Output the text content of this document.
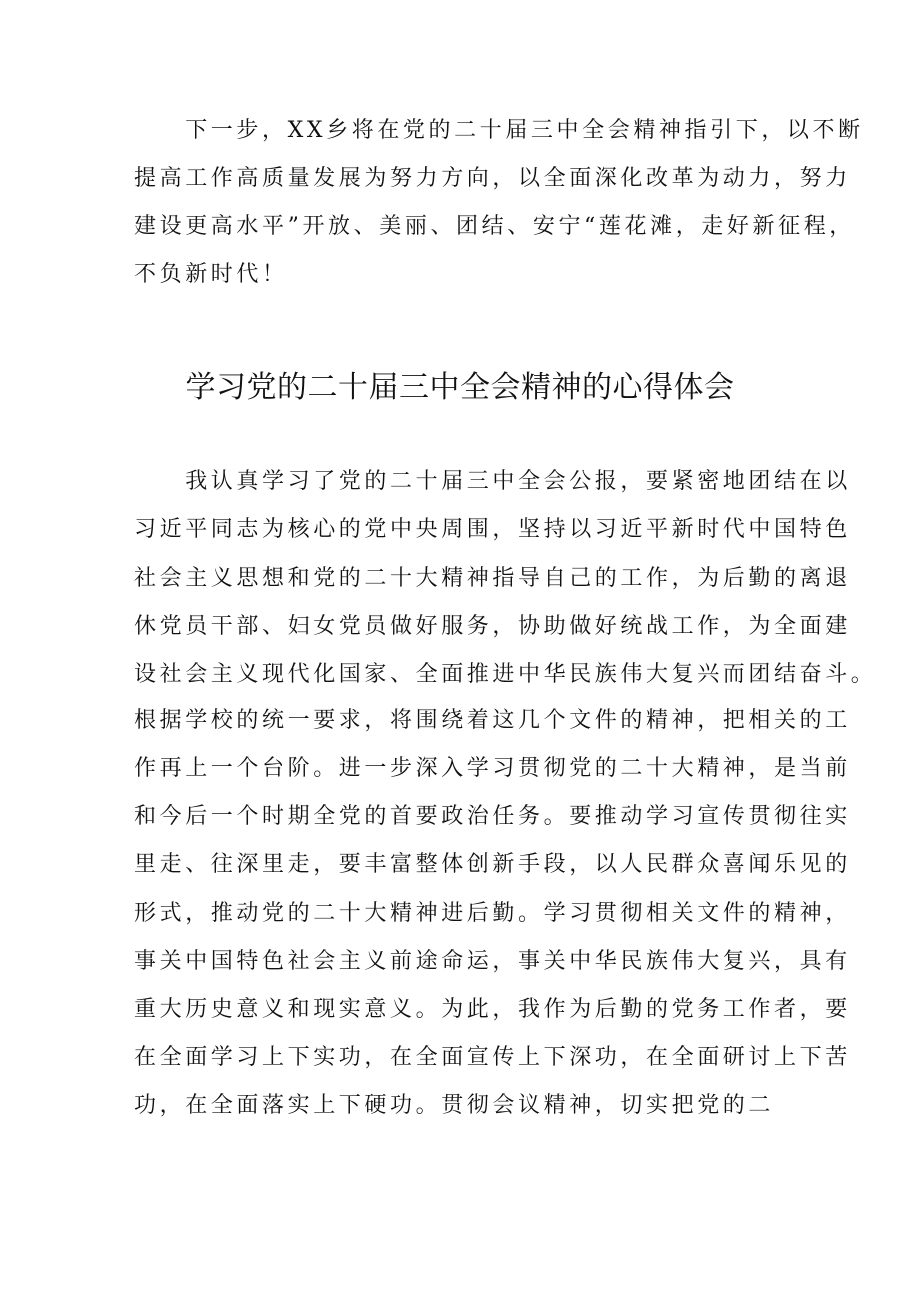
　　下一步，XX乡将在党的二十届三中全会精神指引下，以不断

提高工作高质量发展为努力方向，以全面深化改革为动力，努力

建设更高水平”开放、美丽、团结、安宁“莲花滩，走好新征程，

不负新时代！

学习党的二十届三中全会精神的心得体会

　　我认真学习了党的二十届三中全会公报，要紧密地团结在以

习近平同志为核心的党中央周围，坚持以习近平新时代中国特色

社会主义思想和党的二十大精神指导自己的工作，为后勤的离退

休党员干部、妇女党员做好服务，协助做好统战工作，为全面建

设社会主义现代化国家、全面推进中华民族伟大复兴而团结奋斗。

根据学校的统一要求，将围绕着这几个文件的精神，把相关的工

作再上一个台阶。进一步深入学习贯彻党的二十大精神，是当前

和今后一个时期全党的首要政治任务。要推动学习宣传贯彻往实

里走、往深里走，要丰富整体创新手段，以人民群众喜闻乐见的

形式，推动党的二十大精神进后勤。学习贯彻相关文件的精神，

事关中国特色社会主义前途命运，事关中华民族伟大复兴，具有

重大历史意义和现实意义。为此，我作为后勤的党务工作者，要

在全面学习上下实功，在全面宣传上下深功，在全面研讨上下苦

功，在全面落实上下硬功。贯彻会议精神，切实把党的二
